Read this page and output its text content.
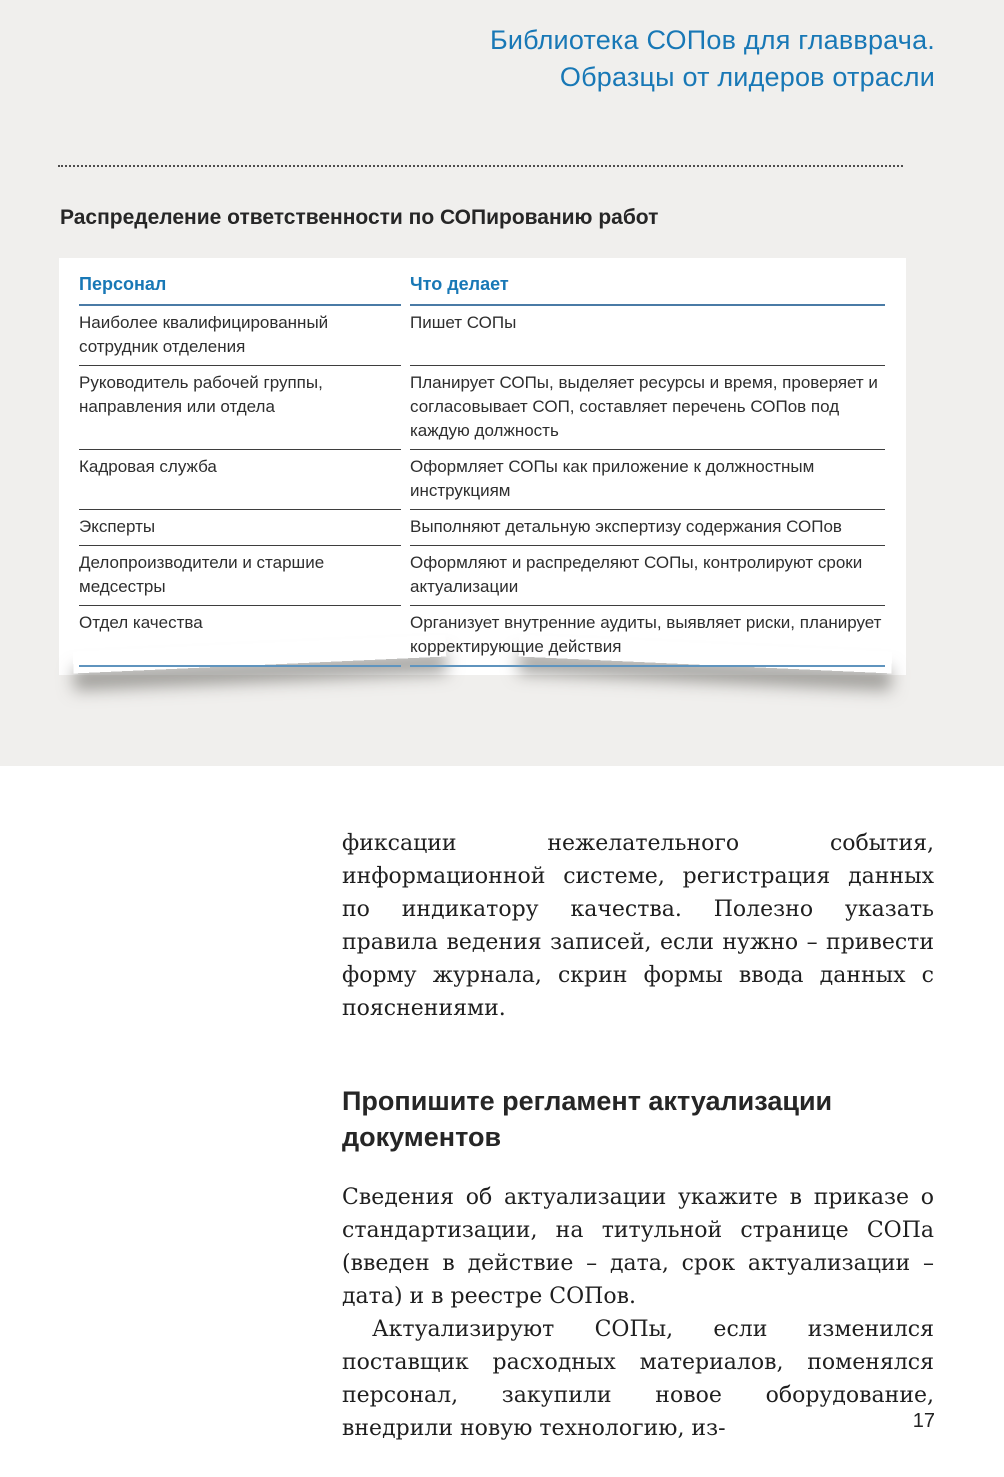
Библиотека СОПов для главврача.
Образцы от лидеров отрасли
Распределение ответственности по СОПированию работ
Персонал	Что делает
Наиболее квалифицированный сотрудник отделения	Пишет СОПы
Руководитель рабочей группы, направления или отдела	Планирует СОПы, выделяет ресурсы и время, проверяет и согласовывает СОП, составляет перечень СОПов под каждую должность
Кадровая служба	Оформляет СОПы как приложение к должностным инструкциям
Эксперты	Выполняют детальную экспертизу содержания СОПов
Делопроизводители и старшие медсестры	Оформляют и распределяют СОПы, контролируют сроки актуализации
Отдел качества	Организует внутренние аудиты, выявляет риски, планирует корректирующие действия

фиксации нежелательного события, информационной системе, регистрация данных по индикатору качества. Полезно указать правила ведения записей, если нужно – привести форму журнала, скрин формы ввода данных с пояснениями.

Пропишите регламент актуализации документов

Сведения об актуализации укажите в приказе о стандартизации, на титульной странице СОПа (введен в действие – дата, срок актуализации – дата) и в реестре СОПов.

Актуализируют СОПы, если изменился поставщик расходных материалов, поменялся персонал, закупили новое оборудование, внедрили новую технологию, из-	17
